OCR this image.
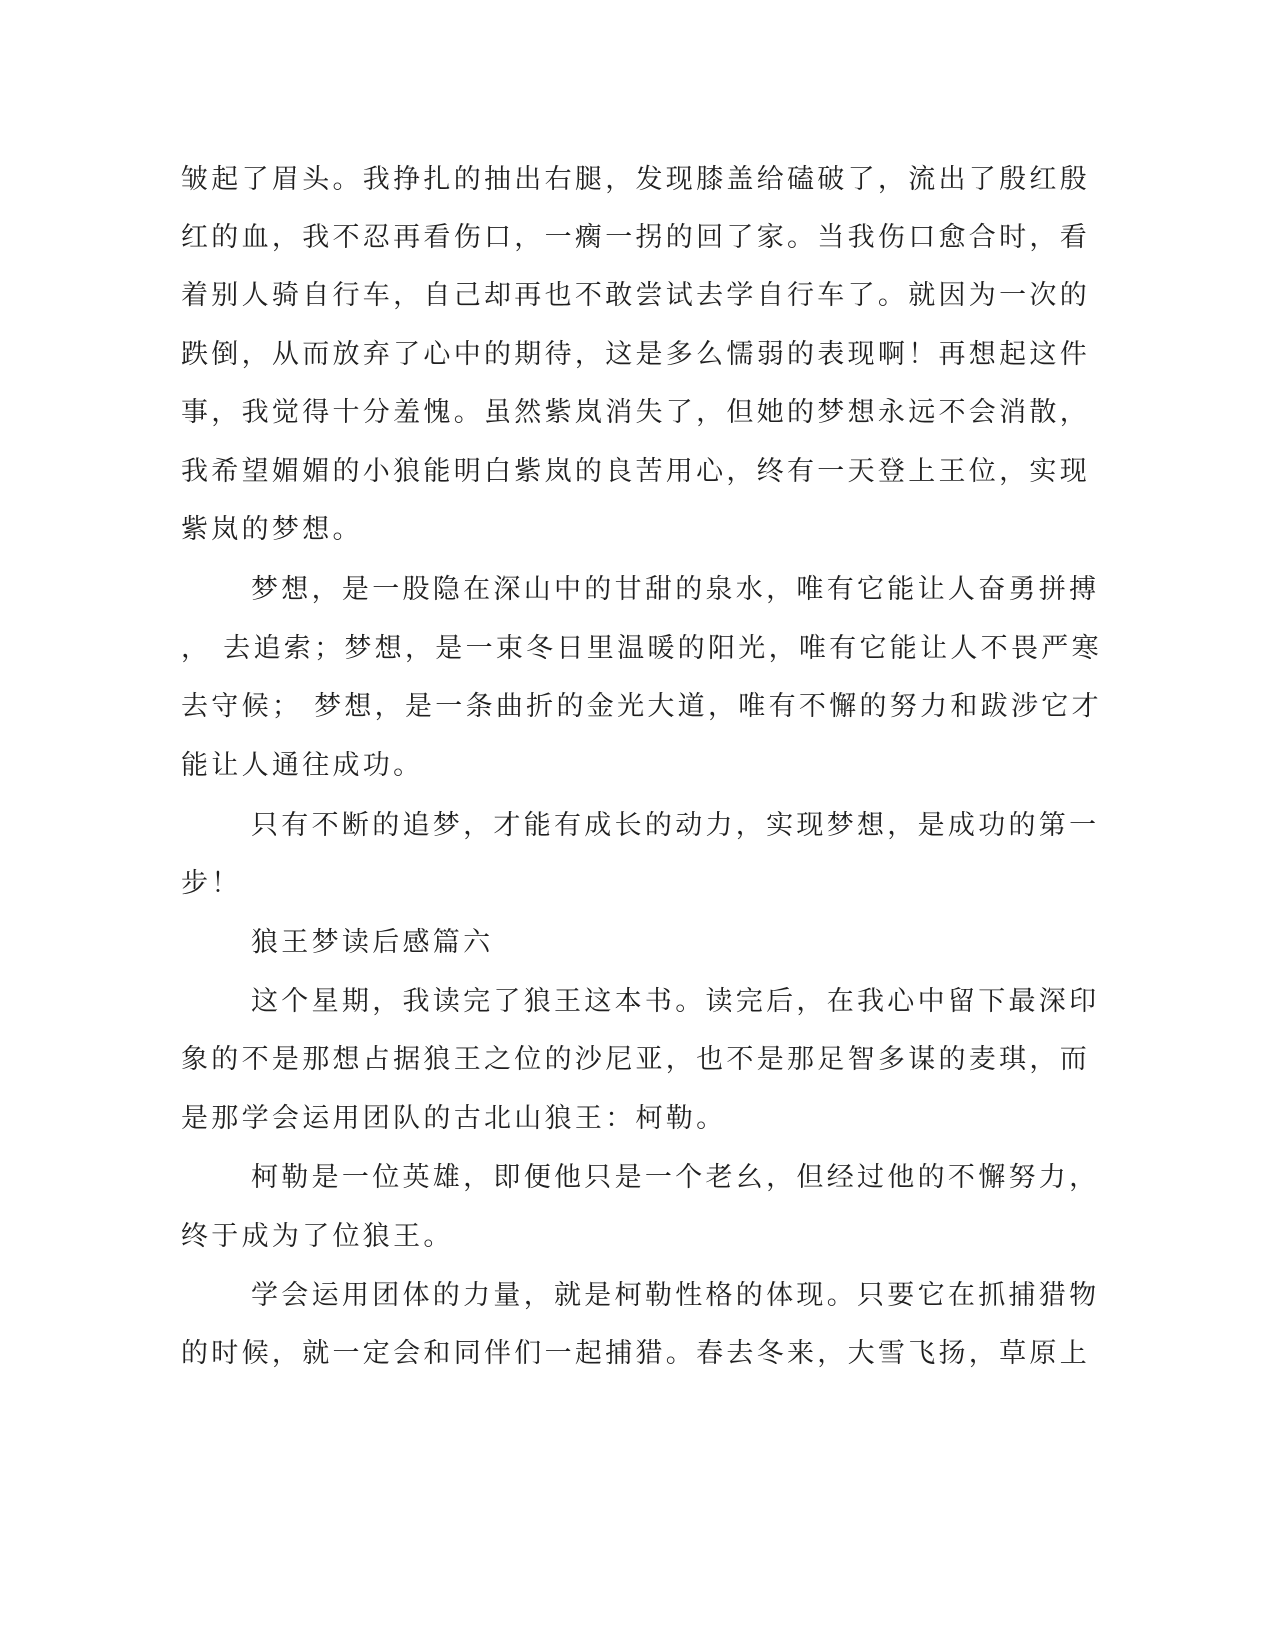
皱起了眉头。我挣扎的抽出右腿，发现膝盖给磕破了，流出了殷红殷
红的血，我不忍再看伤口，一瘸一拐的回了家。当我伤口愈合时，看
着别人骑自行车，自己却再也不敢尝试去学自行车了。就因为一次的
跌倒，从而放弃了心中的期待，这是多么懦弱的表现啊！再想起这件
事，我觉得十分羞愧。虽然紫岚消失了，但她的梦想永远不会消散，
我希望媚媚的小狼能明白紫岚的良苦用心，终有一天登上王位，实现
紫岚的梦想。
梦想，是一股隐在深山中的甘甜的泉水，唯有它能让人奋勇拼搏
， 去追索；梦想，是一束冬日里温暖的阳光，唯有它能让人不畏严寒
去守候； 梦想，是一条曲折的金光大道，唯有不懈的努力和跋涉它才
能让人通往成功。
只有不断的追梦，才能有成长的动力，实现梦想，是成功的第一
步！
狼王梦读后感篇六
这个星期，我读完了狼王这本书。读完后，在我心中留下最深印
象的不是那想占据狼王之位的沙尼亚，也不是那足智多谋的麦琪，而
是那学会运用团队的古北山狼王：柯勒。
柯勒是一位英雄，即便他只是一个老幺，但经过他的不懈努力，
终于成为了位狼王。
学会运用团体的力量，就是柯勒性格的体现。只要它在抓捕猎物
的时候，就一定会和同伴们一起捕猎。春去冬来，大雪飞扬，草原上
